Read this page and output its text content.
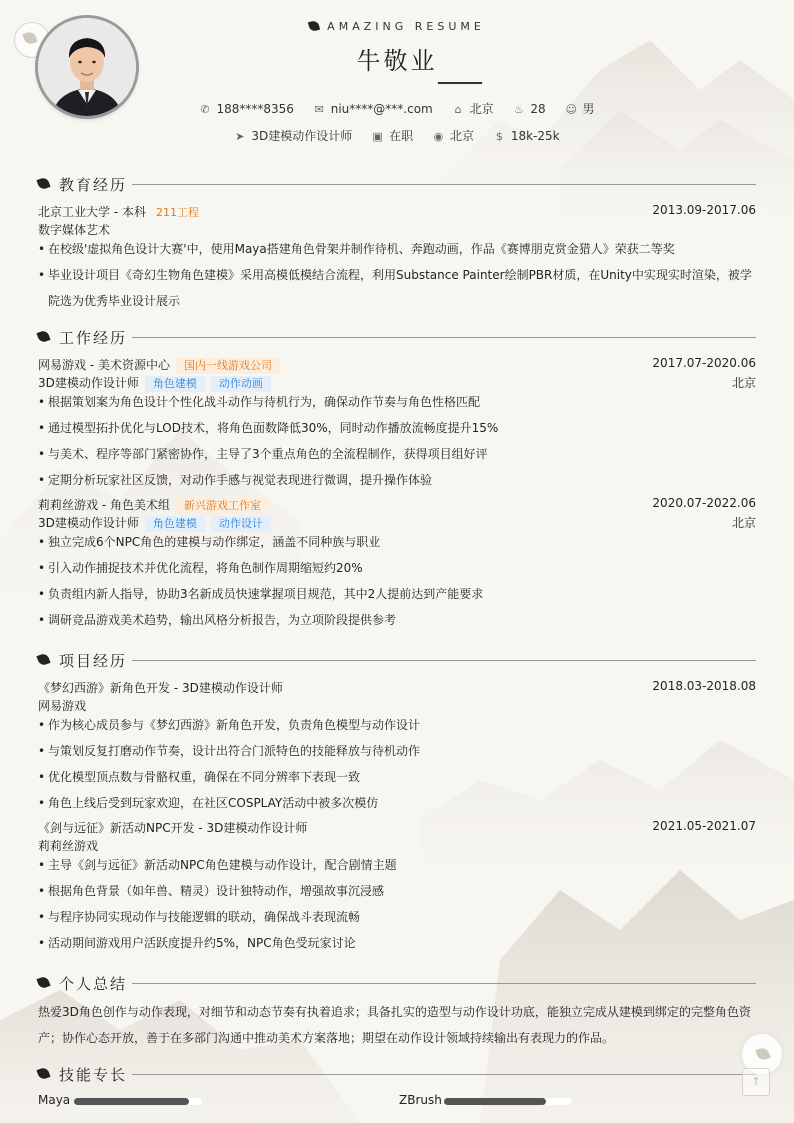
AMAZING RESUME
牛敬业
✆ 188****8356 ✉ niu****@***.com ⌂ 北京 ♨ 28 ☺ 男
➤ 3D建模动作设计师 ▣ 在职 ◉ 北京 $ 18k-25k
教育经历
北京工业大学 - 本科 211工程	2013.09-2017.06
数字媒体艺术
• 在校级'虚拟角色设计大赛'中，使用Maya搭建角色骨架并制作待机、奔跑动画，作品《赛博朋克赏金猎人》荣获二等奖
• 毕业设计项目《奇幻生物角色建模》采用高模低模结合流程，利用Substance Painter绘制PBR材质，在Unity中实现实时渲染，被学院选为优秀毕业设计展示
工作经历
网易游戏 - 美术资源中心 国内一线游戏公司	2017.07-2020.06
3D建模动作设计师 角色建模 动作动画	北京
• 根据策划案为角色设计个性化战斗动作与待机行为，确保动作节奏与角色性格匹配
• 通过模型拓扑优化与LOD技术，将角色面数降低30%，同时动作播放流畅度提升15%
• 与美术、程序等部门紧密协作，主导了3个重点角色的全流程制作，获得项目组好评
• 定期分析玩家社区反馈，对动作手感与视觉表现进行微调，提升操作体验
莉莉丝游戏 - 角色美术组 新兴游戏工作室	2020.07-2022.06
3D建模动作设计师 角色建模 动作设计	北京
• 独立完成6个NPC角色的建模与动作绑定，涵盖不同种族与职业
• 引入动作捕捉技术并优化流程，将角色制作周期缩短约20%
• 负责组内新人指导，协助3名新成员快速掌握项目规范，其中2人提前达到产能要求
• 调研竞品游戏美术趋势，输出风格分析报告，为立项阶段提供参考
项目经历
《梦幻西游》新角色开发 - 3D建模动作设计师	2018.03-2018.08
网易游戏
• 作为核心成员参与《梦幻西游》新角色开发，负责角色模型与动作设计
• 与策划反复打磨动作节奏，设计出符合门派特色的技能释放与待机动作
• 优化模型顶点数与骨骼权重，确保在不同分辨率下表现一致
• 角色上线后受到玩家欢迎，在社区COSPLAY活动中被多次模仿
《剑与远征》新活动NPC开发 - 3D建模动作设计师	2021.05-2021.07
莉莉丝游戏
• 主导《剑与远征》新活动NPC角色建模与动作设计，配合剧情主题
• 根据角色背景（如年兽、精灵）设计独特动作，增强故事沉浸感
• 与程序协同实现动作与技能逻辑的联动，确保战斗表现流畅
• 活动期间游戏用户活跃度提升约5%，NPC角色受玩家讨论
个人总结
热爱3D角色创作与动作表现，对细节和动态节奏有执着追求；具备扎实的造型与动作设计功底，能独立完成从建模到绑定的完整角色资产；协作心态开放，善于在多部门沟通中推动美术方案落地；期望在动作设计领域持续输出有表现力的作品。
技能专长
Maya	ZBrush
↑
